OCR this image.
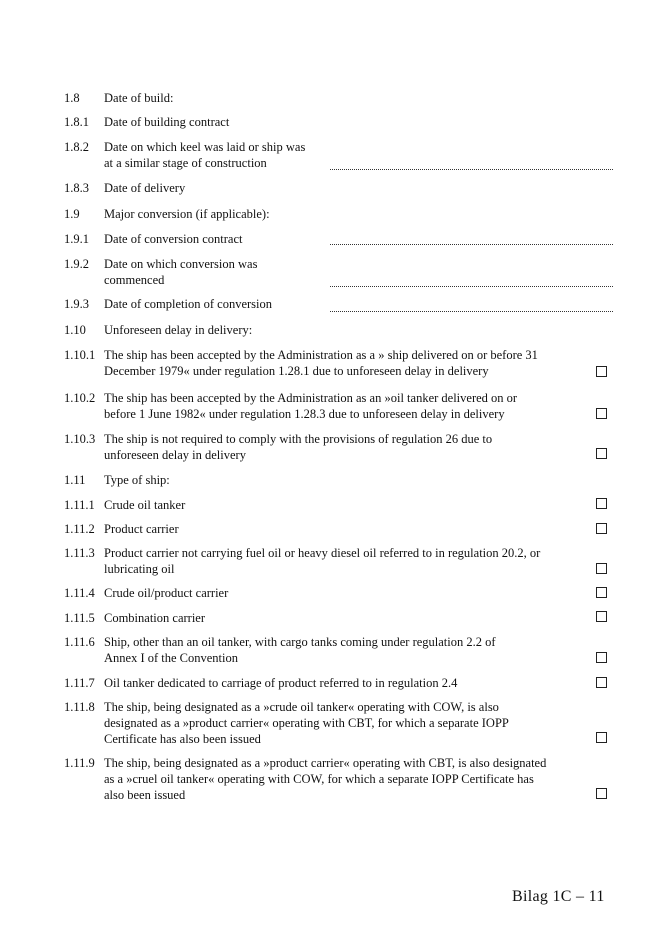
1.8 Date of build:
1.8.1 Date of building contract
1.8.2 Date on which keel was laid or ship was
at a similar stage of construction
1.8.3 Date of delivery
1.9 Major conversion (if applicable):
1.9.1 Date of conversion contract
1.9.2 Date on which conversion was
commenced
1.9.3 Date of completion of conversion
1.10 Unforeseen delay in delivery:
1.10.1 The ship has been accepted by the Administration as a » ship delivered on or before 31
December 1979« under regulation 1.28.1 due to unforeseen delay in delivery
1.10.2 The ship has been accepted by the Administration as an »oil tanker delivered on or
before 1 June 1982« under regulation 1.28.3 due to unforeseen delay in delivery
1.10.3 The ship is not required to comply with the provisions of regulation 26 due to
unforeseen delay in delivery
1.11 Type of ship:
1.11.1 Crude oil tanker
1.11.2 Product carrier
1.11.3 Product carrier not carrying fuel oil or heavy diesel oil referred to in regulation 20.2, or
lubricating oil
1.11.4 Crude oil/product carrier
1.11.5 Combination carrier
1.11.6 Ship, other than an oil tanker, with cargo tanks coming under regulation 2.2 of
Annex I of the Convention
1.11.7 Oil tanker dedicated to carriage of product referred to in regulation 2.4
1.11.8 The ship, being designated as a »crude oil tanker« operating with COW, is also
designated as a »product carrier« operating with CBT, for which a separate IOPP
Certificate has also been issued
1.11.9 The ship, being designated as a »product carrier« operating with CBT, is also designated
as a »cruel oil tanker« operating with COW, for which a separate IOPP Certificate has
also been issued
Bilag 1C – 11
